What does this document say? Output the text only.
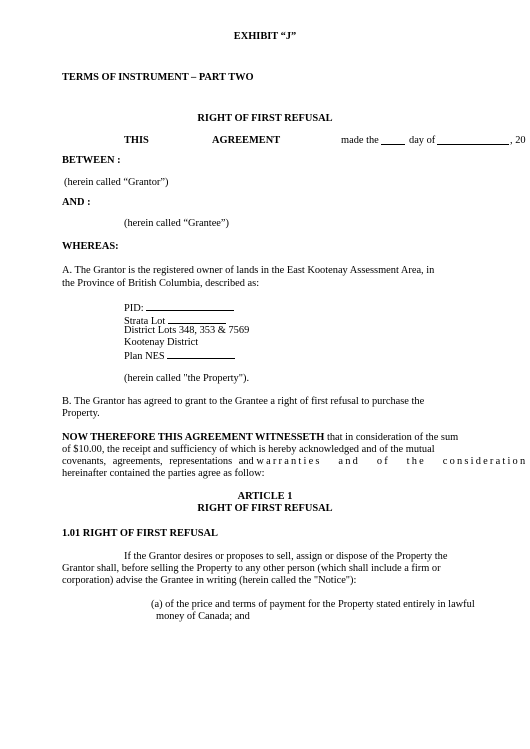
EXHIBIT “J”

TERMS OF INSTRUMENT – PART TWO

RIGHT OF FIRST REFUSAL

THIS	AGREEMENT	made the	day of	, 20

BETWEEN :

(herein called “Grantor”)

AND :

(herein called “Grantee”)

WHEREAS:

A. The Grantor is the registered owner of lands in the East Kootenay Assessment Area, in

the Province of British Columbia, described as:

PID:

Strata Lot

District Lots 348, 353 & 7569

Kootenay District

Plan NES

(herein called "the Property").

B. The Grantor has agreed to grant to the Grantee a right of first refusal to purchase the

Property.

NOW THEREFORE THIS AGREEMENT WITNESSETH that in consideration of the sum

of $10.00, the receipt and sufficiency of which is hereby acknowledged and of the mutual

covenants, agreements, representations and warranties and of the consideration

hereinafter contained the parties agree as follow:

ARTICLE 1

RIGHT OF FIRST REFUSAL

1.01 RIGHT OF FIRST REFUSAL

If the Grantor desires or proposes to sell, assign or dispose of the Property the

Grantor shall, before selling the Property to any other person (which shall include a firm or

corporation) advise the Grantee in writing (herein called the "Notice"):

(a) of the price and terms of payment for the Property stated entirely in lawful

money of Canada; and
